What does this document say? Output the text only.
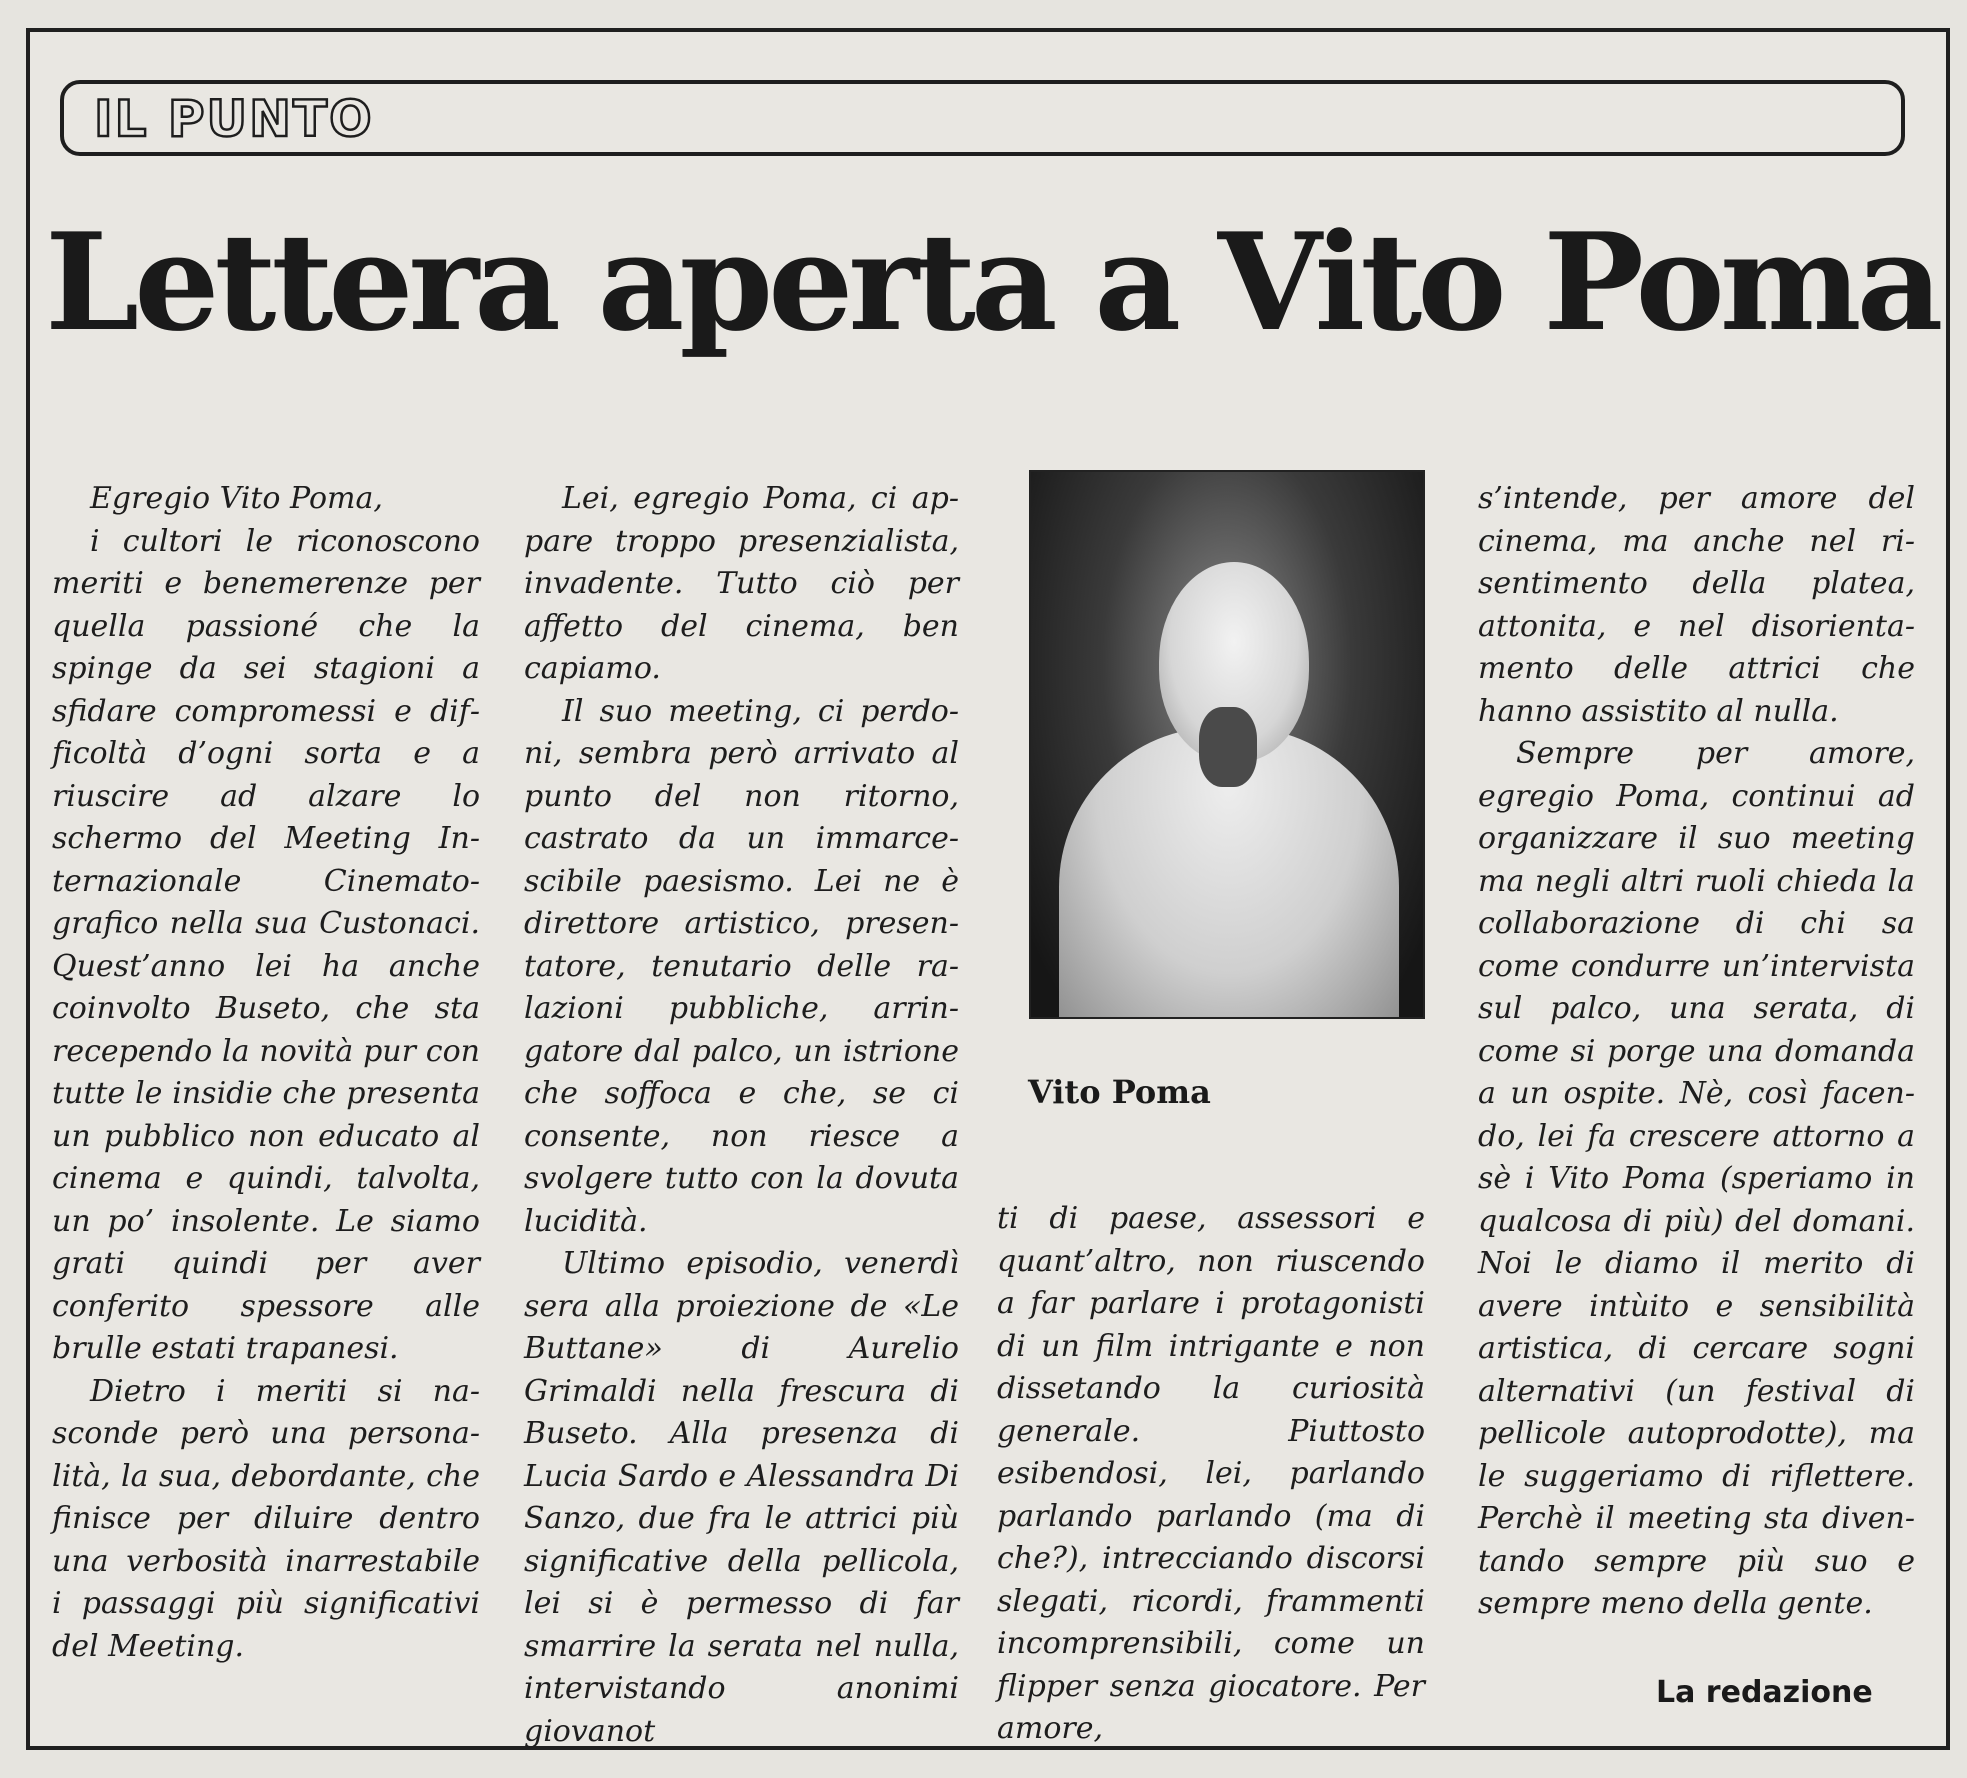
IL PUNTO
Lettera aperta a Vito Poma

Egregio Vito Poma,

i cultori le riconoscono meriti e benemerenze per quella passioné che la spinge da sei stagioni a sfidare compromessi e difficoltà d’ogni sorta e a riuscire ad alzare lo schermo del Meeting Internazionale Cinematografico nella sua Custonaci. Quest’anno lei ha anche coinvolto Buseto, che sta recependo la novità pur con tutte le insidie che presenta un pubblico non educato al cinema e quindi, talvolta, un po’ insolente. Le siamo grati quindi per aver conferito spessore alle brulle estati trapanesi.

Dietro i meriti si nasconde però una personalità, la sua, debordante, che finisce per diluire dentro una verbosità inarrestabile i passaggi più significativi del Meeting.

Lei, egregio Poma, ci appare troppo presenzialista, invadente. Tutto ciò per affetto del cinema, ben capiamo.

Il suo meeting, ci perdoni, sembra però arrivato al punto del non ritorno, castrato da un immarcescibile paesismo. Lei ne è direttore artistico, presentatore, tenutario delle ralazioni pubbliche, arringatore dal palco, un istrione che soffoca e che, se ci consente, non riesce a svolgere tutto con la dovuta lucidità.

Ultimo episodio, venerdì sera alla proiezione de «Le Buttane» di Aurelio Grimaldi nella frescura di Buseto. Alla presenza di Lucia Sardo e Alessandra Di Sanzo, due fra le attrici più significative della pellicola, lei si è permesso di far smarrire la serata nel nulla, intervistando anonimi giovanot

Vito Poma

ti di paese, assessori e quant’altro, non riuscendo a far parlare i protagonisti di un film intrigante e non dissetando la curiosità generale. Piuttosto esibendosi, lei, parlando parlando parlando (ma di che?), intrecciando discorsi slegati, ricordi, frammenti incomprensibili, come un flipper senza giocatore. Per amore,

s’intende, per amore del cinema, ma anche nel risentimento della platea, attonita, e nel disorientamento delle attrici che hanno assistito al nulla.

Sempre per amore, egregio Poma, continui ad organizzare il suo meeting ma negli altri ruoli chieda la collaborazione di chi sa come condurre un’intervista sul palco, una serata, di come si porge una domanda a un ospite. Nè, così facendo, lei fa crescere attorno a sè i Vito Poma (speriamo in qualcosa di più) del domani. Noi le diamo il merito di avere intùito e sensibilità artistica, di cercare sogni alternativi (un festival di pellicole autoprodotte), ma le suggeriamo di riflettere. Perchè il meeting sta diventando sempre più suo e sempre meno della gente.

La redazione
